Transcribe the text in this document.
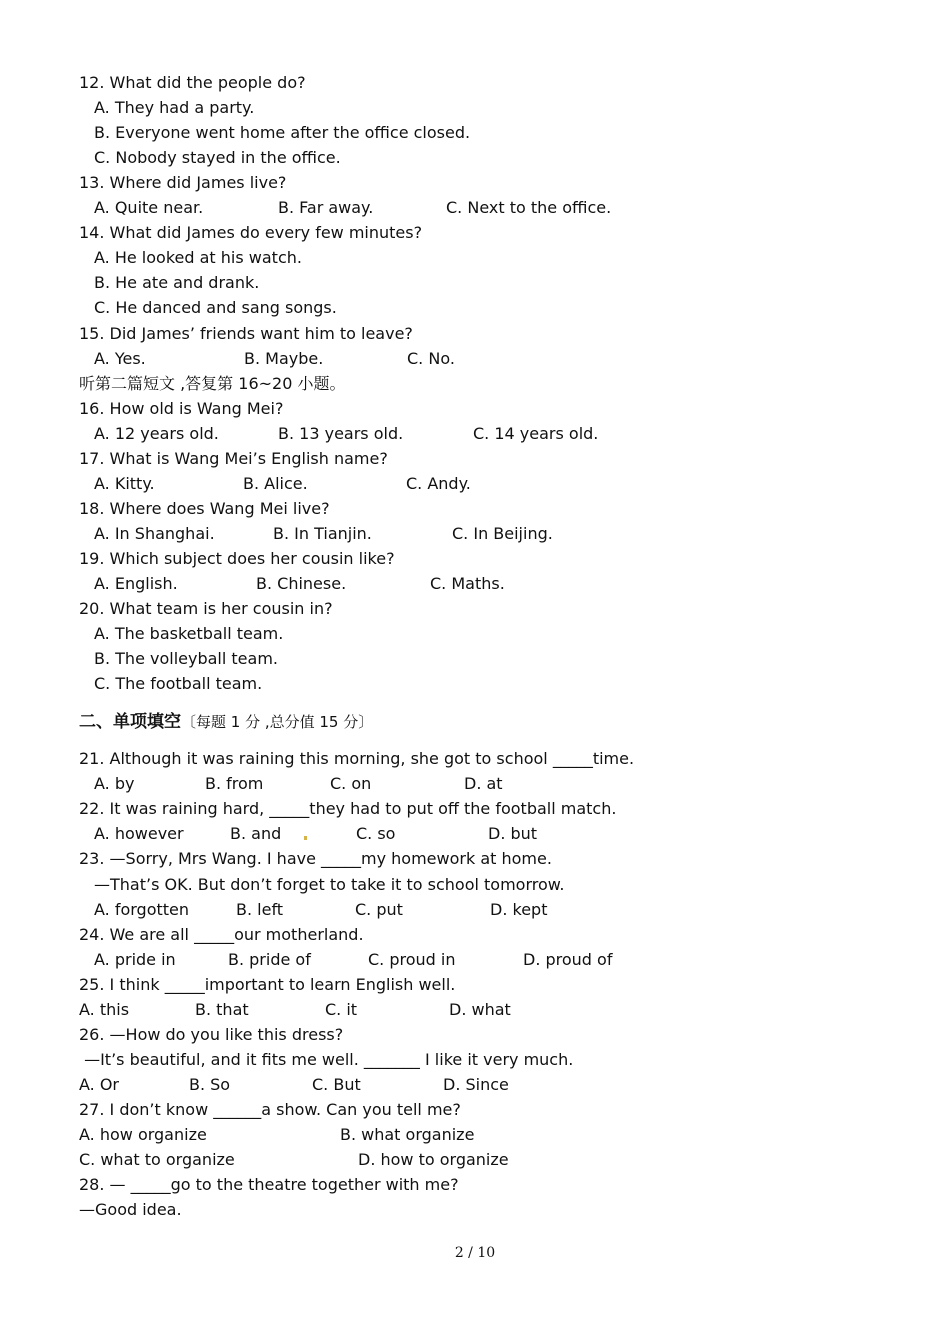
12. What did the people do?
A. They had a party.
B. Everyone went home after the office closed.
C. Nobody stayed in the office.
13. Where did James live?
A. Quite near.	B. Far away.	C. Next to the office.
14. What did James do every few minutes?
A. He looked at his watch.
B. He ate and drank.
C. He danced and sang songs.
15. Did James’ friends want him to leave?
A. Yes.	B. Maybe.	C. No.
听第二篇短文 ,答复第 16~20 小题。
16. How old is Wang Mei?
A. 12 years old.	B. 13 years old.	C. 14 years old.
17. What is Wang Mei’s English name?
A. Kitty.	B. Alice.	C. Andy.
18. Where does Wang Mei live?
A. In Shanghai.	B. In Tianjin.	C. In Beijing.
19. Which subject does her cousin like?
A. English.	B. Chinese.	C. Maths.
20. What team is her cousin in?
A. The basketball team.
B. The volleyball team.
C. The football team.
二、单项填空〔每题 1 分 ,总分值 15 分〕
21. Although it was raining this morning, she got to school _____time.
A. by	B. from	C. on	D. at
22. It was raining hard, _____they had to put off the football match.
A. however	B. and	C. so	D. but
23. —Sorry, Mrs Wang. I have _____my homework at home.
—That’s OK. But don’t forget to take it to school tomorrow.
A. forgotten	B. left	C. put	D. kept
24. We are all _____our motherland.
A. pride in	B. pride of	C. proud in	D. proud of
25. I think _____important to learn English well.
A. this	B. that	C. it	D. what
26. —How do you like this dress?
—It’s beautiful, and it fits me well. _______ I like it very much.
A. Or	B. So	C. But	D. Since
27. I don’t know ______a show. Can you tell me?
A. how organize	B. what organize
C. what to organize	D. how to organize
28. — _____go to the theatre together with me?
—Good idea.
2 / 10
